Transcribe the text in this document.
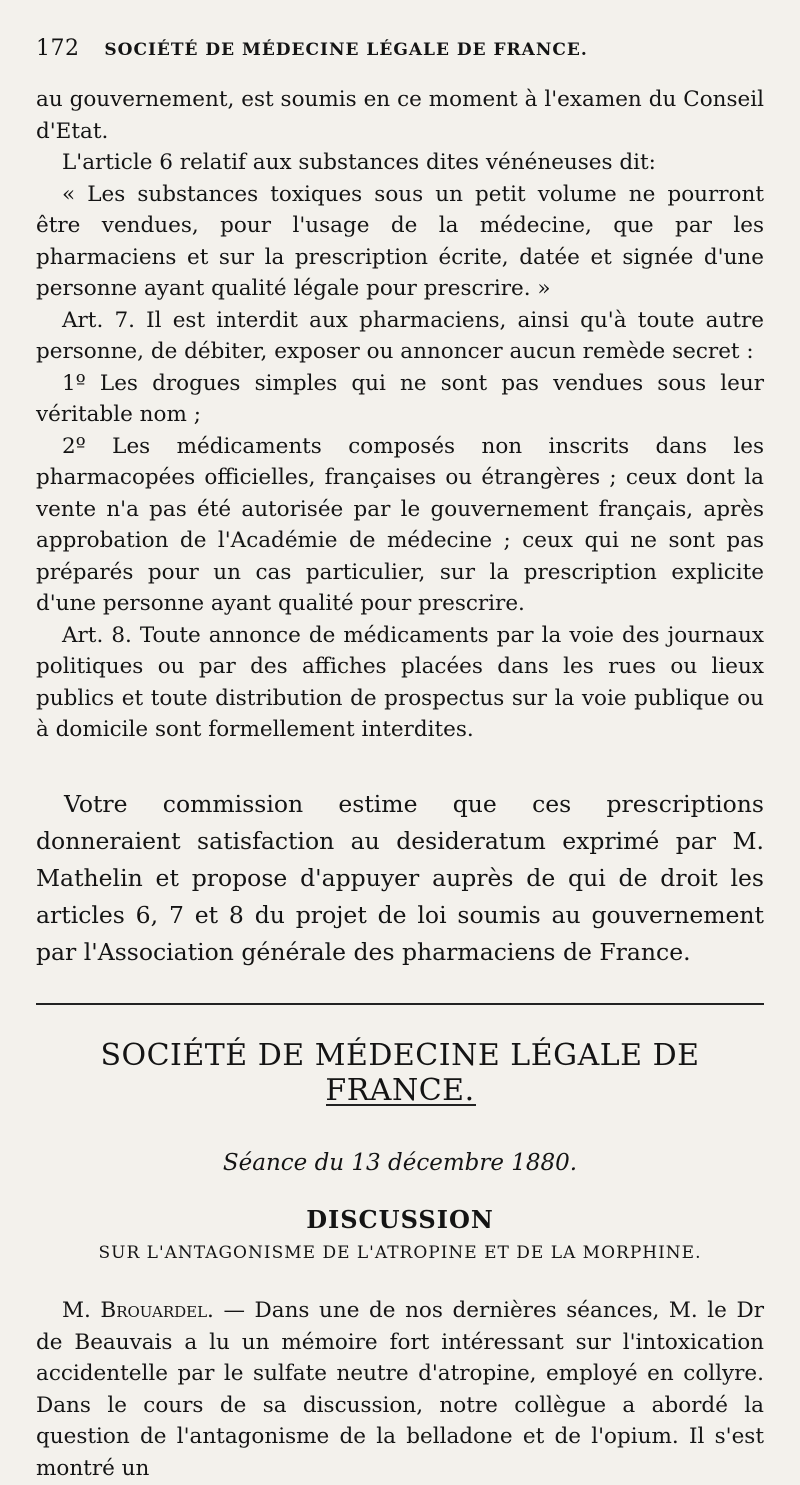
172 SOCIÉTÉ DE MÉDECINE LÉGALE DE FRANCE.

au gouvernement, est soumis en ce moment à l'examen du Conseil d'Etat.

L'article 6 relatif aux substances dites vénéneuses dit:

« Les substances toxiques sous un petit volume ne pourront être vendues, pour l'usage de la médecine, que par les pharmaciens et sur la prescription écrite, datée et signée d'une personne ayant qualité légale pour prescrire. »

Art. 7. Il est interdit aux pharmaciens, ainsi qu'à toute autre personne, de débiter, exposer ou annoncer aucun remède secret :

1º Les drogues simples qui ne sont pas vendues sous leur véritable nom ;

2º Les médicaments composés non inscrits dans les pharmacopées officielles, françaises ou étrangères ; ceux dont la vente n'a pas été autorisée par le gouvernement français, après approbation de l'Académie de médecine ; ceux qui ne sont pas préparés pour un cas particulier, sur la prescription explicite d'une personne ayant qualité pour prescrire.

Art. 8. Toute annonce de médicaments par la voie des journaux politiques ou par des affiches placées dans les rues ou lieux publics et toute distribution de prospectus sur la voie publique ou à domicile sont formellement interdites.

Votre commission estime que ces prescriptions donneraient satisfaction au desideratum exprimé par M. Mathelin et propose d'appuyer auprès de qui de droit les articles 6, 7 et 8 du projet de loi soumis au gouvernement par l'Association générale des pharmaciens de France.

SOCIÉTÉ DE MÉDECINE LÉGALE DE FRANCE.
Séance du 13 décembre 1880.
DISCUSSION
SUR L'ANTAGONISME DE L'ATROPINE ET DE LA MORPHINE.

M. Brouardel. — Dans une de nos dernières séances, M. le Dr de Beauvais a lu un mémoire fort intéressant sur l'intoxication accidentelle par le sulfate neutre d'atropine, employé en collyre. Dans le cours de sa discussion, notre collègue a abordé la question de l'antagonisme de la belladone et de l'opium. Il s'est montré un
